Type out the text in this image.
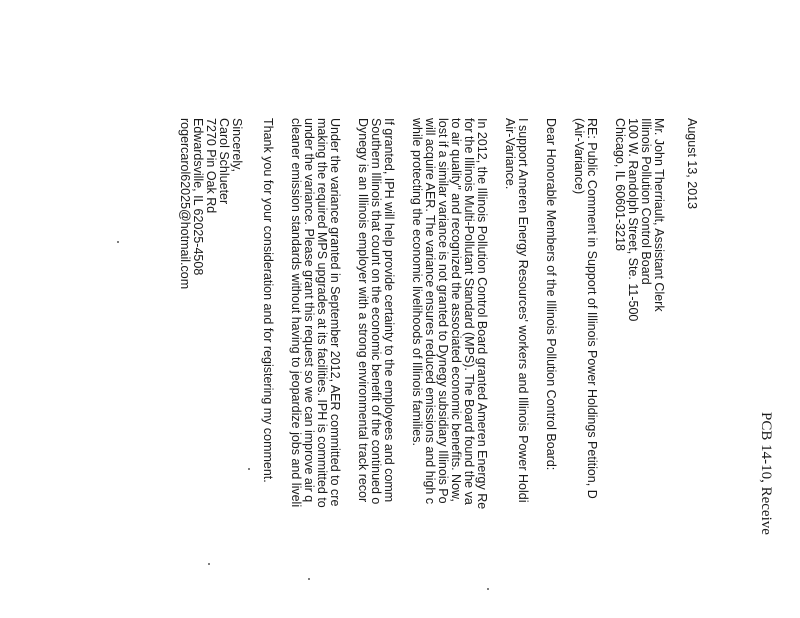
PCB 14-10, Receive
August 13, 2013
Mr. John Therriault, Assistant Clerk
Illinois Pollution Control Board
100 W. Randolph Street, Ste. 11-500
Chicago, IL 60601-3218
RE: Public Comment in Support of Illinois Power Holdings Petition, D
(Air-Variance)
Dear Honorable Members of the Illinois Pollution Control Board:
I support Ameren Energy Resources' workers and Illinois Power Holdi
Air-Variance.
In 2012, the Illinois Pollution Control Board granted Ameren Energy Re
for the Illinois Multi-Pollutant Standard (MPS). The Board found the va
to air quality" and recognized the associated economic benefits. Now,
lost if a similar variance is not granted to Dynegy subsidiary Illinois Po
will acquire AER. The variance ensures reduced emissions and high c
while protecting the economic livelihoods of Illinois families.
If granted, IPH will help provide certainty to the employees and comm
Southern Illinois that count on the economic benefit of the continued o
Dynegy is an Illinois employer with a strong environmental track recor
Under the variance granted in September 2012, AER committed to cre
making the required MPS upgrades at its facilities. IPH is committed to
under the variance. Please grant this request so we can improve air q
cleaner emission standards without having to jeopardize jobs and liveli
Thank you for your consideration and for registering my comment.
Sincerely,
Carol Schlueter
7270 Pin Oak Rd
Edwardsville, IL 62025-4508
rogercarol62025@hotmail.com
